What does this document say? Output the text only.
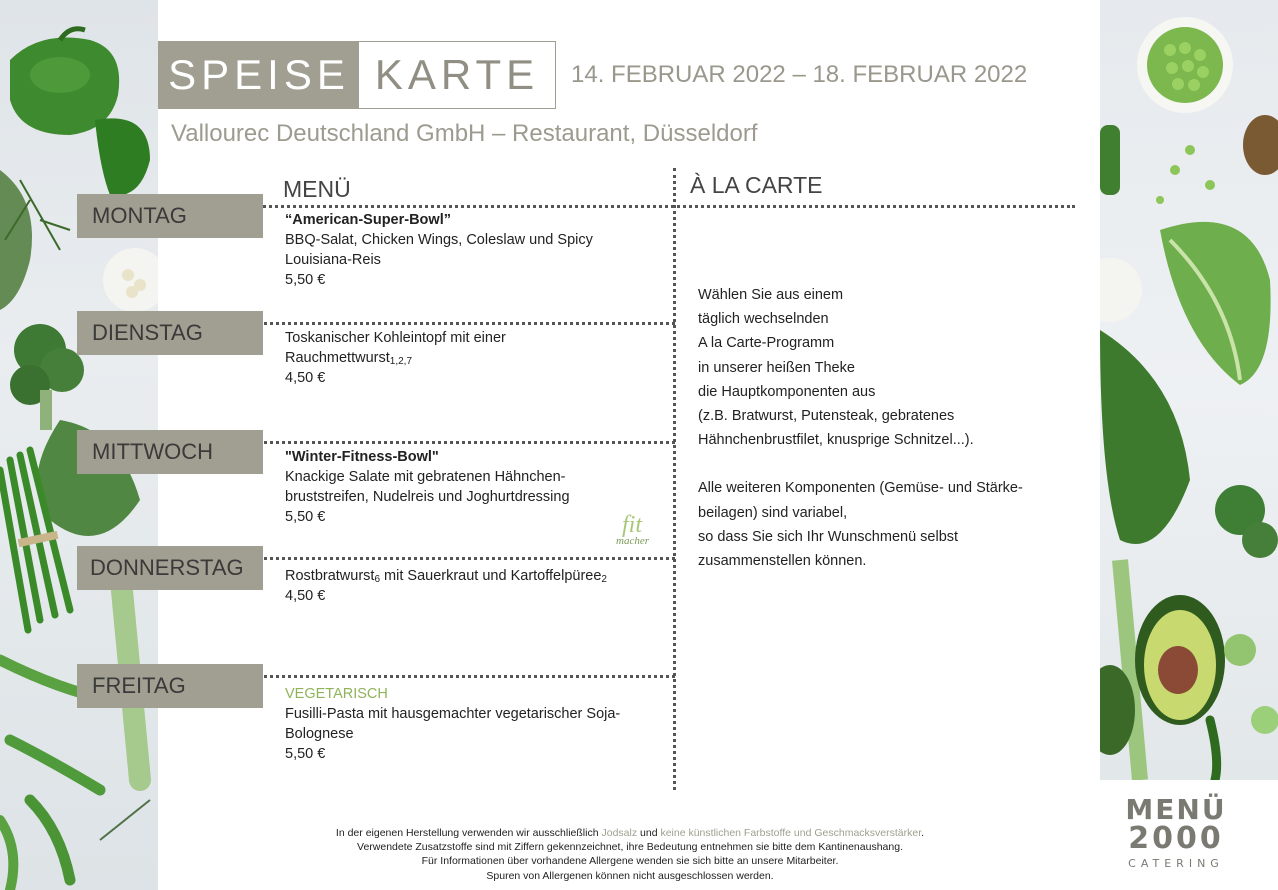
SPEISE KARTE	14. FEBRUAR 2022 – 18. FEBRUAR 2022
Vallourec Deutschland GmbH – Restaurant, Düsseldorf
MENÜ	À LA CARTE
MONTAG
DIENSTAG
MITTWOCH
DONNERSTAG
FREITAG
“American-Super-Bowl”
BBQ-Salat, Chicken Wings, Coleslaw und Spicy
Louisiana-Reis
5,50 €
Toskanischer Kohleintopf mit einer
Rauchmettwurst$_{1,2,7}$
4,50 €
"Winter-Fitness-Bowl"
Knackige Salate mit gebratenen Hähnchen-
bruststreifen, Nudelreis und Joghurtdressing
5,50 €
Rostbratwurst$_6$ mit Sauerkraut und Kartoffelpüree$_2$
4,50 €
VEGETARISCH
Fusilli-Pasta mit hausgemachter vegetarischer Soja-
Bolognese
5,50 €
fit
macher
Wählen Sie aus einem
täglich wechselnden
A la Carte-Programm
in unserer heißen Theke
die Hauptkomponenten aus
(z.B. Bratwurst, Putensteak, gebratenes
Hähnchenbrustfilet, knusprige Schnitzel...).
Alle weiteren Komponenten (Gemüse- und Stärke-
beilagen) sind variabel,
so dass Sie sich Ihr Wunschmenü selbst
zusammenstellen können.
In der eigenen Herstellung verwenden wir ausschließlich Jodsalz und keine künstlichen Farbstoffe und Geschmacksverstärker.
Verwendete Zusatzstoffe sind mit Ziffern gekennzeichnet, ihre Bedeutung entnehmen sie bitte dem Kantinenaushang.
Für Informationen über vorhandene Allergene wenden sie sich bitte an unsere Mitarbeiter.
Spuren von Allergenen können nicht ausgeschlossen werden.
MENÜ
2000
CATERING
